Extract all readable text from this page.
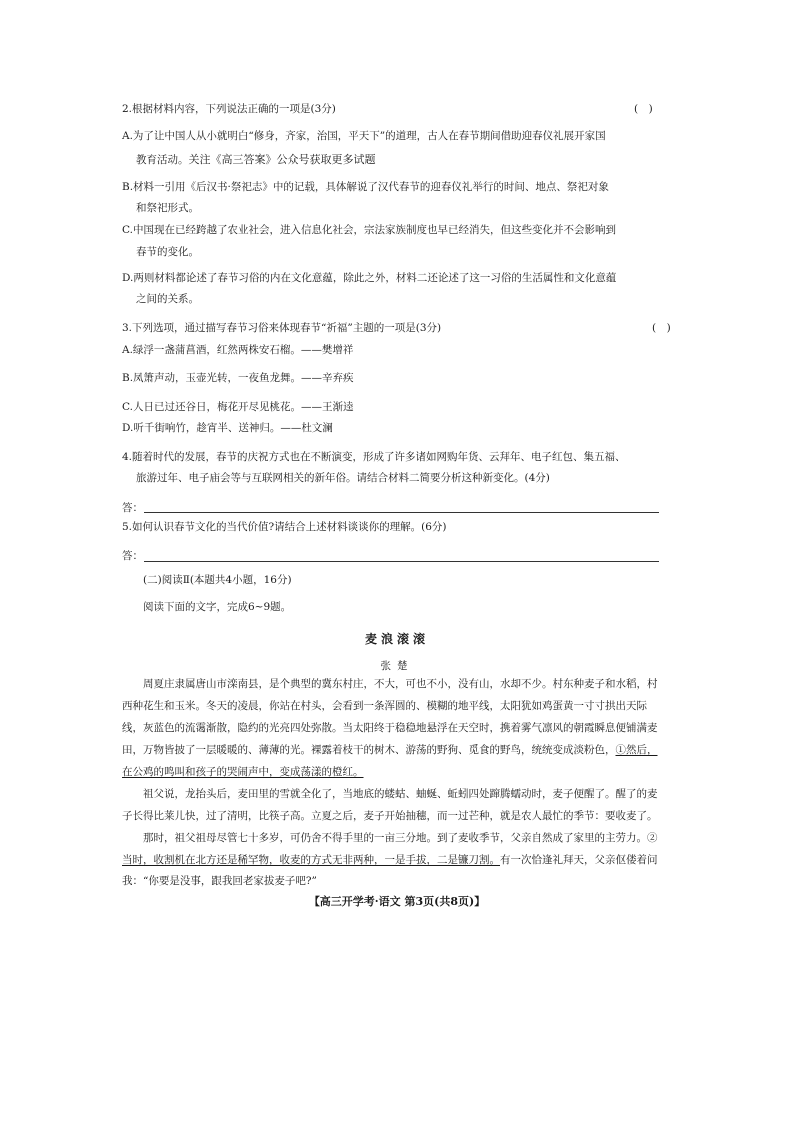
2.根据材料内容，下列说法正确的一项是(3分)	(　)
A.为了让中国人从小就明白“修身，齐家，治国，平天下”的道理，古人在春节期间借助迎春仪礼展开家国
教育活动。关注《高三答案》公众号获取更多试题
B.材料一引用《后汉书·祭祀志》中的记载，具体解说了汉代春节的迎春仪礼举行的时间、地点、祭祀对象
和祭祀形式。
C.中国现在已经跨越了农业社会，进入信息化社会，宗法家族制度也早已经消失，但这些变化并不会影响到
春节的变化。
D.两则材料都论述了春节习俗的内在文化意蕴，除此之外，材料二还论述了这一习俗的生活属性和文化意蕴
之间的关系。
3.下列选项，通过描写春节习俗来体现春节“祈福”主题的一项是(3分)	(　)
A.绿浮一盏蒲菖酒，红然两株安石榴。——樊增祥
B.凤箫声动，玉壶光转，一夜鱼龙舞。——辛弃疾
C.人日已过还谷日，梅花开尽见桃花。——王渐逵
D.听千街响竹，趁宵半、送神归。——杜文澜
4.随着时代的发展，春节的庆祝方式也在不断演变，形成了许多诸如网购年货、云拜年、电子红包、集五福、
旅游过年、电子庙会等与互联网相关的新年俗。请结合材料二简要分析这种新变化。(4分)
答：
5.如何认识春节文化的当代价值?请结合上述材料谈谈你的理解。(6分)
答：
(二)阅读Ⅱ(本题共4小题，16分)
阅读下面的文字，完成6~9题。
麦浪滚滚
张楚
周夏庄隶属唐山市滦南县，是个典型的冀东村庄，不大，可也不小，没有山，水却不少。村东种麦子和水稻，村
西种花生和玉米。冬天的凌晨，你站在村头，会看到一条浑圆的、模糊的地平线，太阳犹如鸡蛋黄一寸寸拱出天际
线，灰蓝色的流霭渐散，隐约的光亮四处弥散。当太阳终于稳稳地悬浮在天空时，携着雾气凛风的朝霞瞬息便铺满麦
田，万物皆披了一层暖暖的、薄薄的光。裸露着枝干的树木、游荡的野狗、觅食的野鸟，统统变成淡粉色，①然后，
在公鸡的鸣叫和孩子的哭闹声中，变成荡漾的橙红。
祖父说，龙抬头后，麦田里的雪就全化了，当地底的蝼蛄、蚰蜒、蚯蚓四处蹿腾蠕动时，麦子便醒了。醒了的麦
子长得比莱儿快，过了清明，比筷子高。立夏之后，麦子开始抽穗，而一过芒种，就是农人最忙的季节：要收麦了。
那时，祖父祖母尽管七十多岁，可仍舍不得手里的一亩三分地。到了麦收季节，父亲自然成了家里的主劳力。②
当时，收割机在北方还是稀罕物，收麦的方式无非两种，一是手拔，二是镰刀割。有一次恰逢礼拜天，父亲伛偻着问
我：“你要是没事，跟我回老家拔麦子吧?”
【高三开学考·语文 第3页(共8页)】
